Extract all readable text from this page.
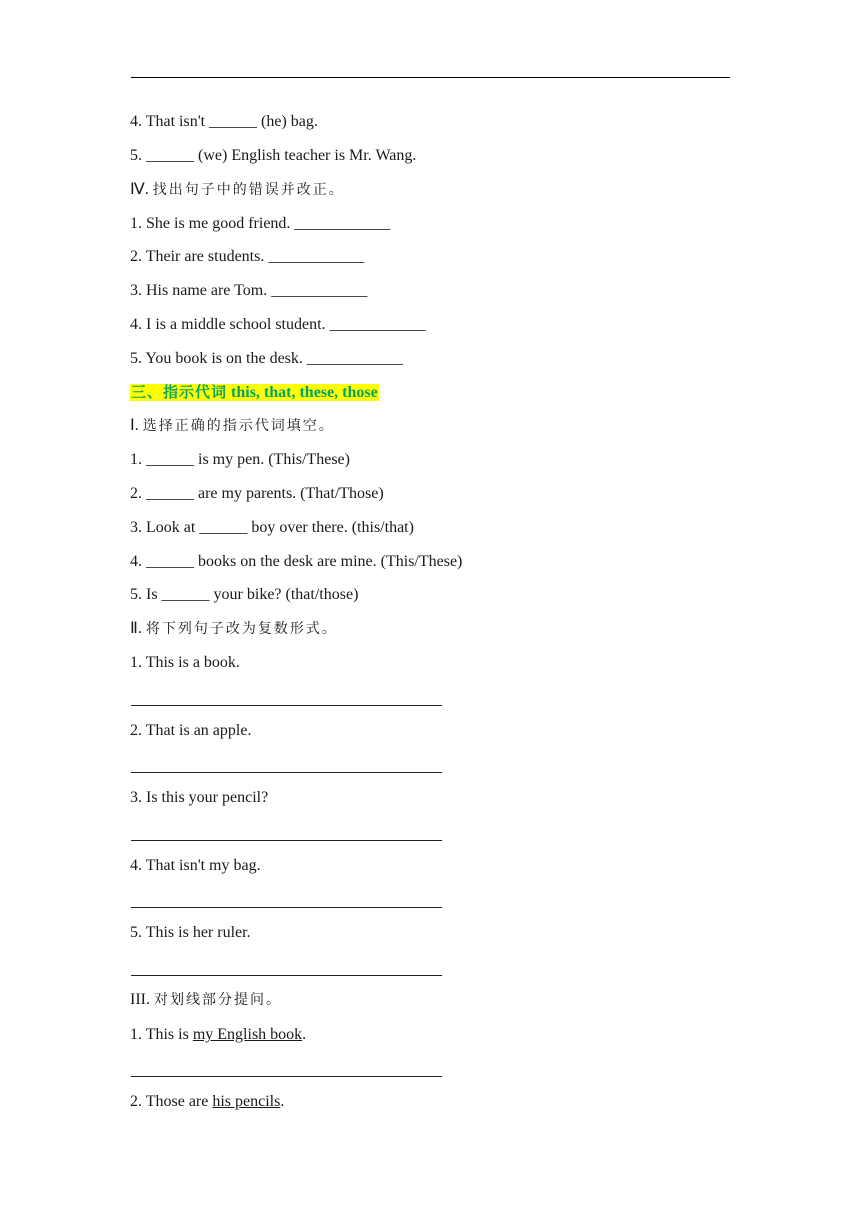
4. That isn't ______ (he) bag.
5. ______ (we) English teacher is Mr. Wang.
Ⅳ. 找出句子中的错误并改正。
1. She is me good friend. ____________
2. Their are students. ____________
3. His name are Tom. ____________
4. I is a middle school student. ____________
5. You book is on the desk. ____________
三、指示代词 this, that, these, those
Ⅰ. 选择正确的指示代词填空。
1. ______ is my pen. (This/These)
2. ______ are my parents. (That/Those)
3. Look at ______ boy over there. (this/that)
4. ______ books on the desk are mine. (This/These)
5. Is ______ your bike? (that/those)
Ⅱ. 将下列句子改为复数形式。
1. This is a book.
2. That is an apple.
3. Is this your pencil?
4. That isn't my bag.
5. This is her ruler.
III. 对划线部分提问。
1. This is my English book.
2. Those are his pencils.
